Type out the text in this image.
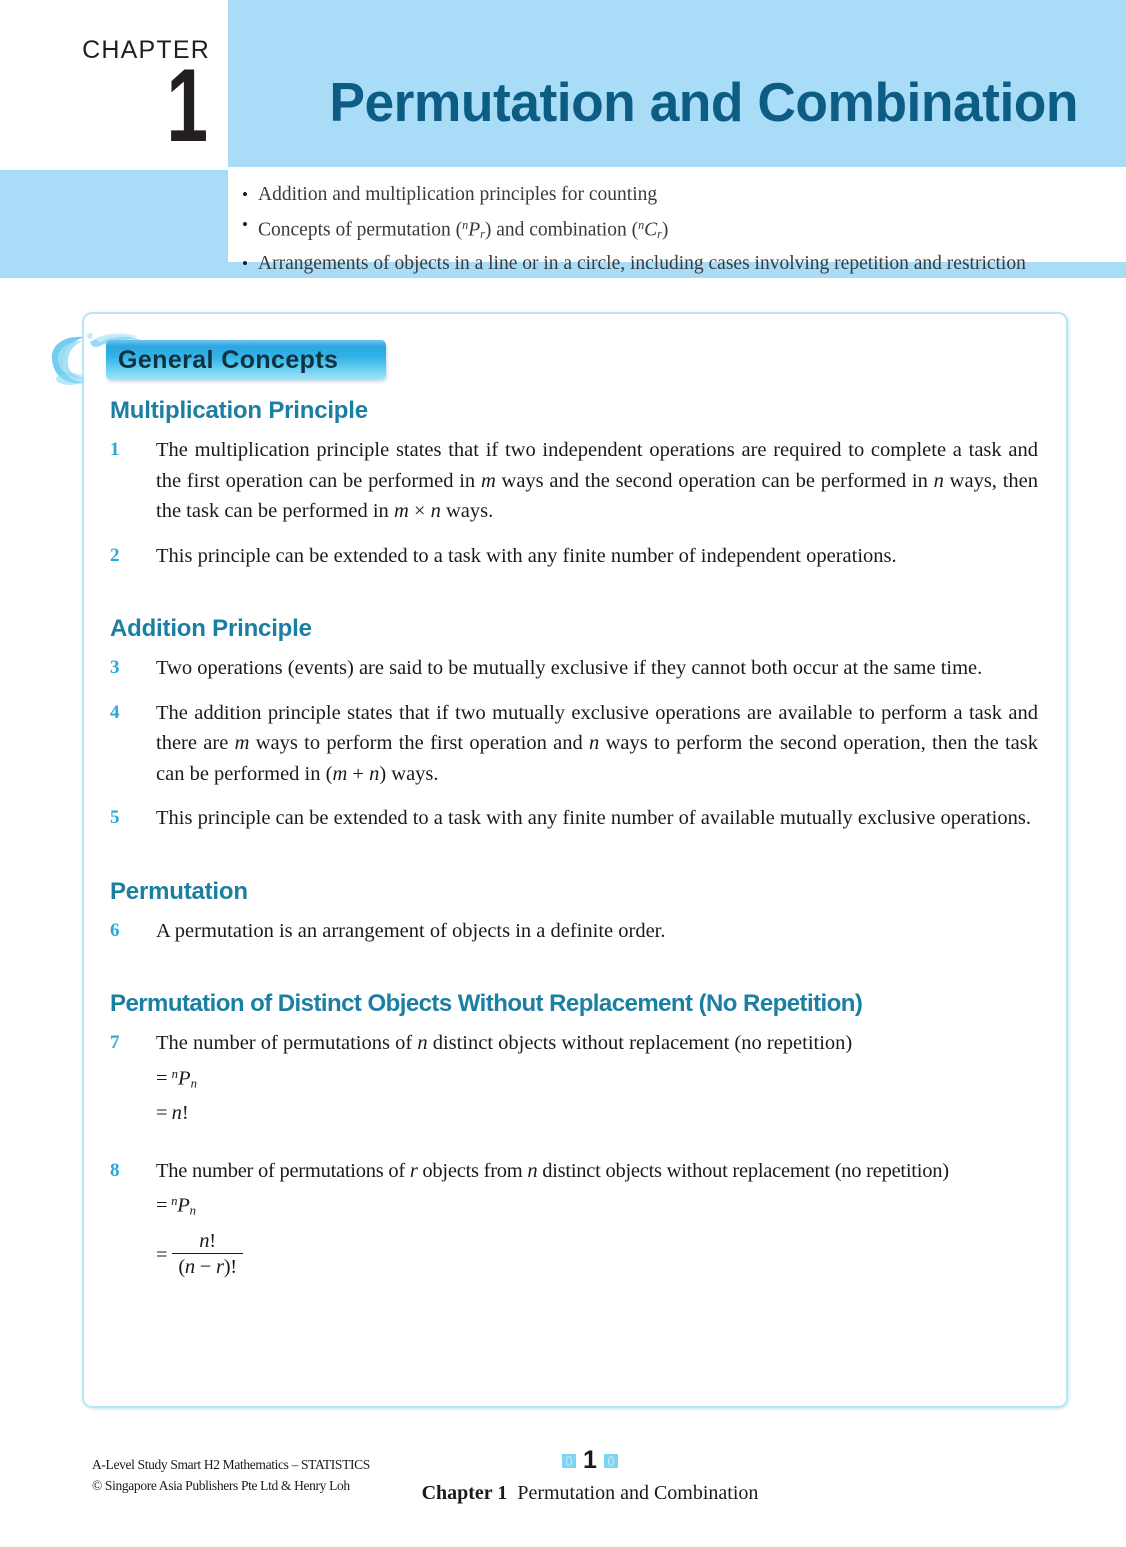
CHAPTER
1	Permutation and Combination
• Addition and multiplication principles for counting
• Concepts of permutation $(^nP_r)$ and combination $(^nC_r)$
• Arrangements of objects in a line or in a circle, including cases involving repetition and restriction
General Concepts
Multiplication Principle
1	The multiplication principle states that if two independent operations are required to complete a task and the first operation can be performed in m ways and the second operation can be performed in n ways, then the task can be performed in m × n ways.
2	This principle can be extended to a task with any finite number of independent operations.
Addition Principle
3	Two operations (events) are said to be mutually exclusive if they cannot both occur at the same time.
4	The addition principle states that if two mutually exclusive operations are available to perform a task and there are m ways to perform the first operation and n ways to perform the second operation, then the task can be performed in (m + n) ways.
5	This principle can be extended to a task with any finite number of available mutually exclusive operations.
Permutation
6	A permutation is an arrangement of objects in a definite order.
Permutation of Distinct Objects Without Replacement (No Repetition)
7	The number of permutations of n distinct objects without replacement (no repetition)
=  $^nP_n$
=  n!
8	The number of permutations of r objects from n distinct objects without replacement (no repetition)
=  $^nP_n$
= $\frac{n!}{(n - r)!}$
A-Level Study Smart H2 Mathematics – STATISTICS
© Singapore Asia Publishers Pte Ltd & Henry Loh
1
Chapter 1 Permutation and Combination
